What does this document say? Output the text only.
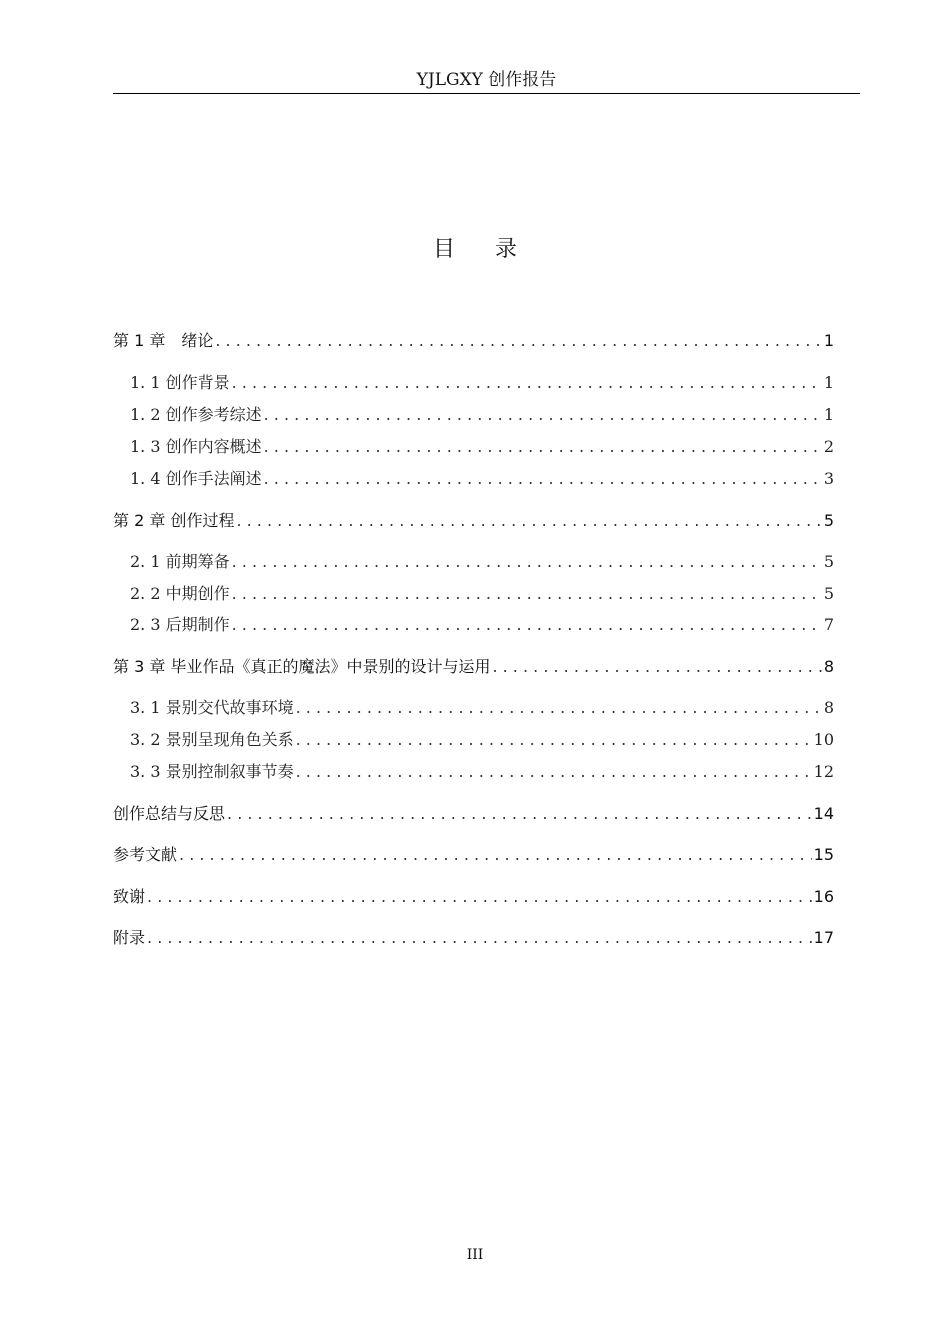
YJLGXY 创作报告
目录
第 1 章　绪论 . . .	1
1. 1 创作背景 . . .	1
1. 2 创作参考综述 . . .	1
1. 3 创作内容概述 . . .	2
1. 4 创作手法阐述 . . .	3
第 2 章 创作过程 . . .	5
2. 1 前期筹备 . . .	5
2. 2 中期创作 . . .	5
2. 3 后期制作 . . .	7
第 3 章 毕业作品《真正的魔法》中景别的设计与运用 . . .	8
3. 1 景别交代故事环境 . . .	8
3. 2 景别呈现角色关系 . . .	10
3. 3 景别控制叙事节奏 . . .	12
创作总结与反思 . . .	14
参考文献 . . .	15
致谢 . . .	16
附录 . . .	17
III
